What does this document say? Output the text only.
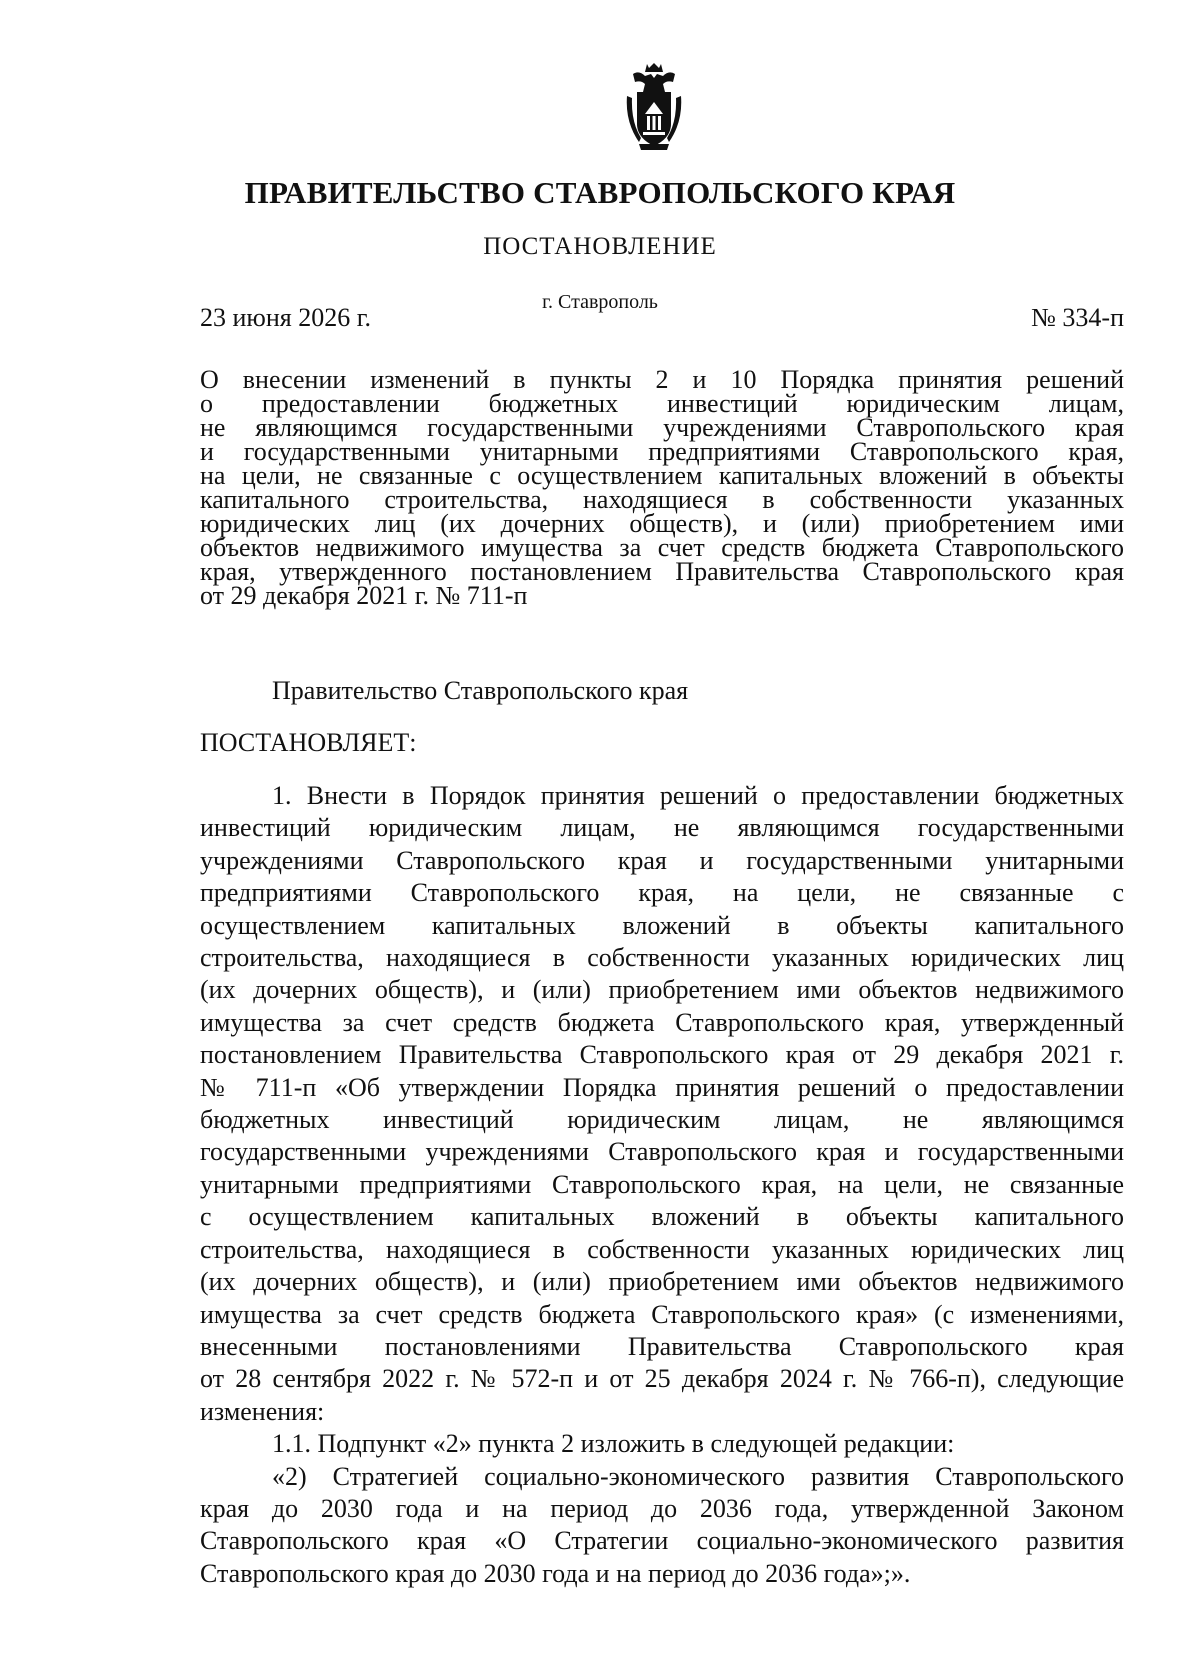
ПРАВИТЕЛЬСТВО СТАВРОПОЛЬСКОГО КРАЯ
ПОСТАНОВЛЕНИЕ
г. Ставрополь
23 июня 2026 г.	№ 334-п
О внесении изменений в пункты 2 и 10 Порядка принятия решений
о предоставлении бюджетных инвестиций юридическим лицам,
не являющимся государственными учреждениями Ставропольского края
и государственными унитарными предприятиями Ставропольского края,
на цели, не связанные с осуществлением капитальных вложений в объекты
капитального строительства, находящиеся в собственности указанных
юридических лиц (их дочерних обществ), и (или) приобретением ими
объектов недвижимого имущества за счет средств бюджета Ставропольского
края, утвержденного постановлением Правительства Ставропольского края
от 29 декабря 2021 г. № 711-п
Правительство Ставропольского края
ПОСТАНОВЛЯЕТ:
1. Внести в Порядок принятия решений о предоставлении бюджетных
инвестиций юридическим лицам, не являющимся государственными
учреждениями Ставропольского края и государственными унитарными
предприятиями Ставропольского края, на цели, не связанные с
осуществлением капитальных вложений в объекты капитального
строительства, находящиеся в собственности указанных юридических лиц
(их дочерних обществ), и (или) приобретением ими объектов недвижимого
имущества за счет средств бюджета Ставропольского края, утвержденный
постановлением Правительства Ставропольского края от 29 декабря 2021 г.
№ 711-п «Об утверждении Порядка принятия решений о предоставлении
бюджетных инвестиций юридическим лицам, не являющимся
государственными учреждениями Ставропольского края и государственными
унитарными предприятиями Ставропольского края, на цели, не связанные
с осуществлением капитальных вложений в объекты капитального
строительства, находящиеся в собственности указанных юридических лиц
(их дочерних обществ), и (или) приобретением ими объектов недвижимого
имущества за счет средств бюджета Ставропольского края» (с изменениями,
внесенными постановлениями Правительства Ставропольского края
от 28 сентября 2022 г. № 572-п и от 25 декабря 2024 г. № 766-п), следующие
изменения:
1.1. Подпункт «2» пункта 2 изложить в следующей редакции:
«2) Стратегией социально-экономического развития Ставропольского
края до 2030 года и на период до 2036 года, утвержденной Законом
Ставропольского края «О Стратегии социально-экономического развития
Ставропольского края до 2030 года и на период до 2036 года»;».
